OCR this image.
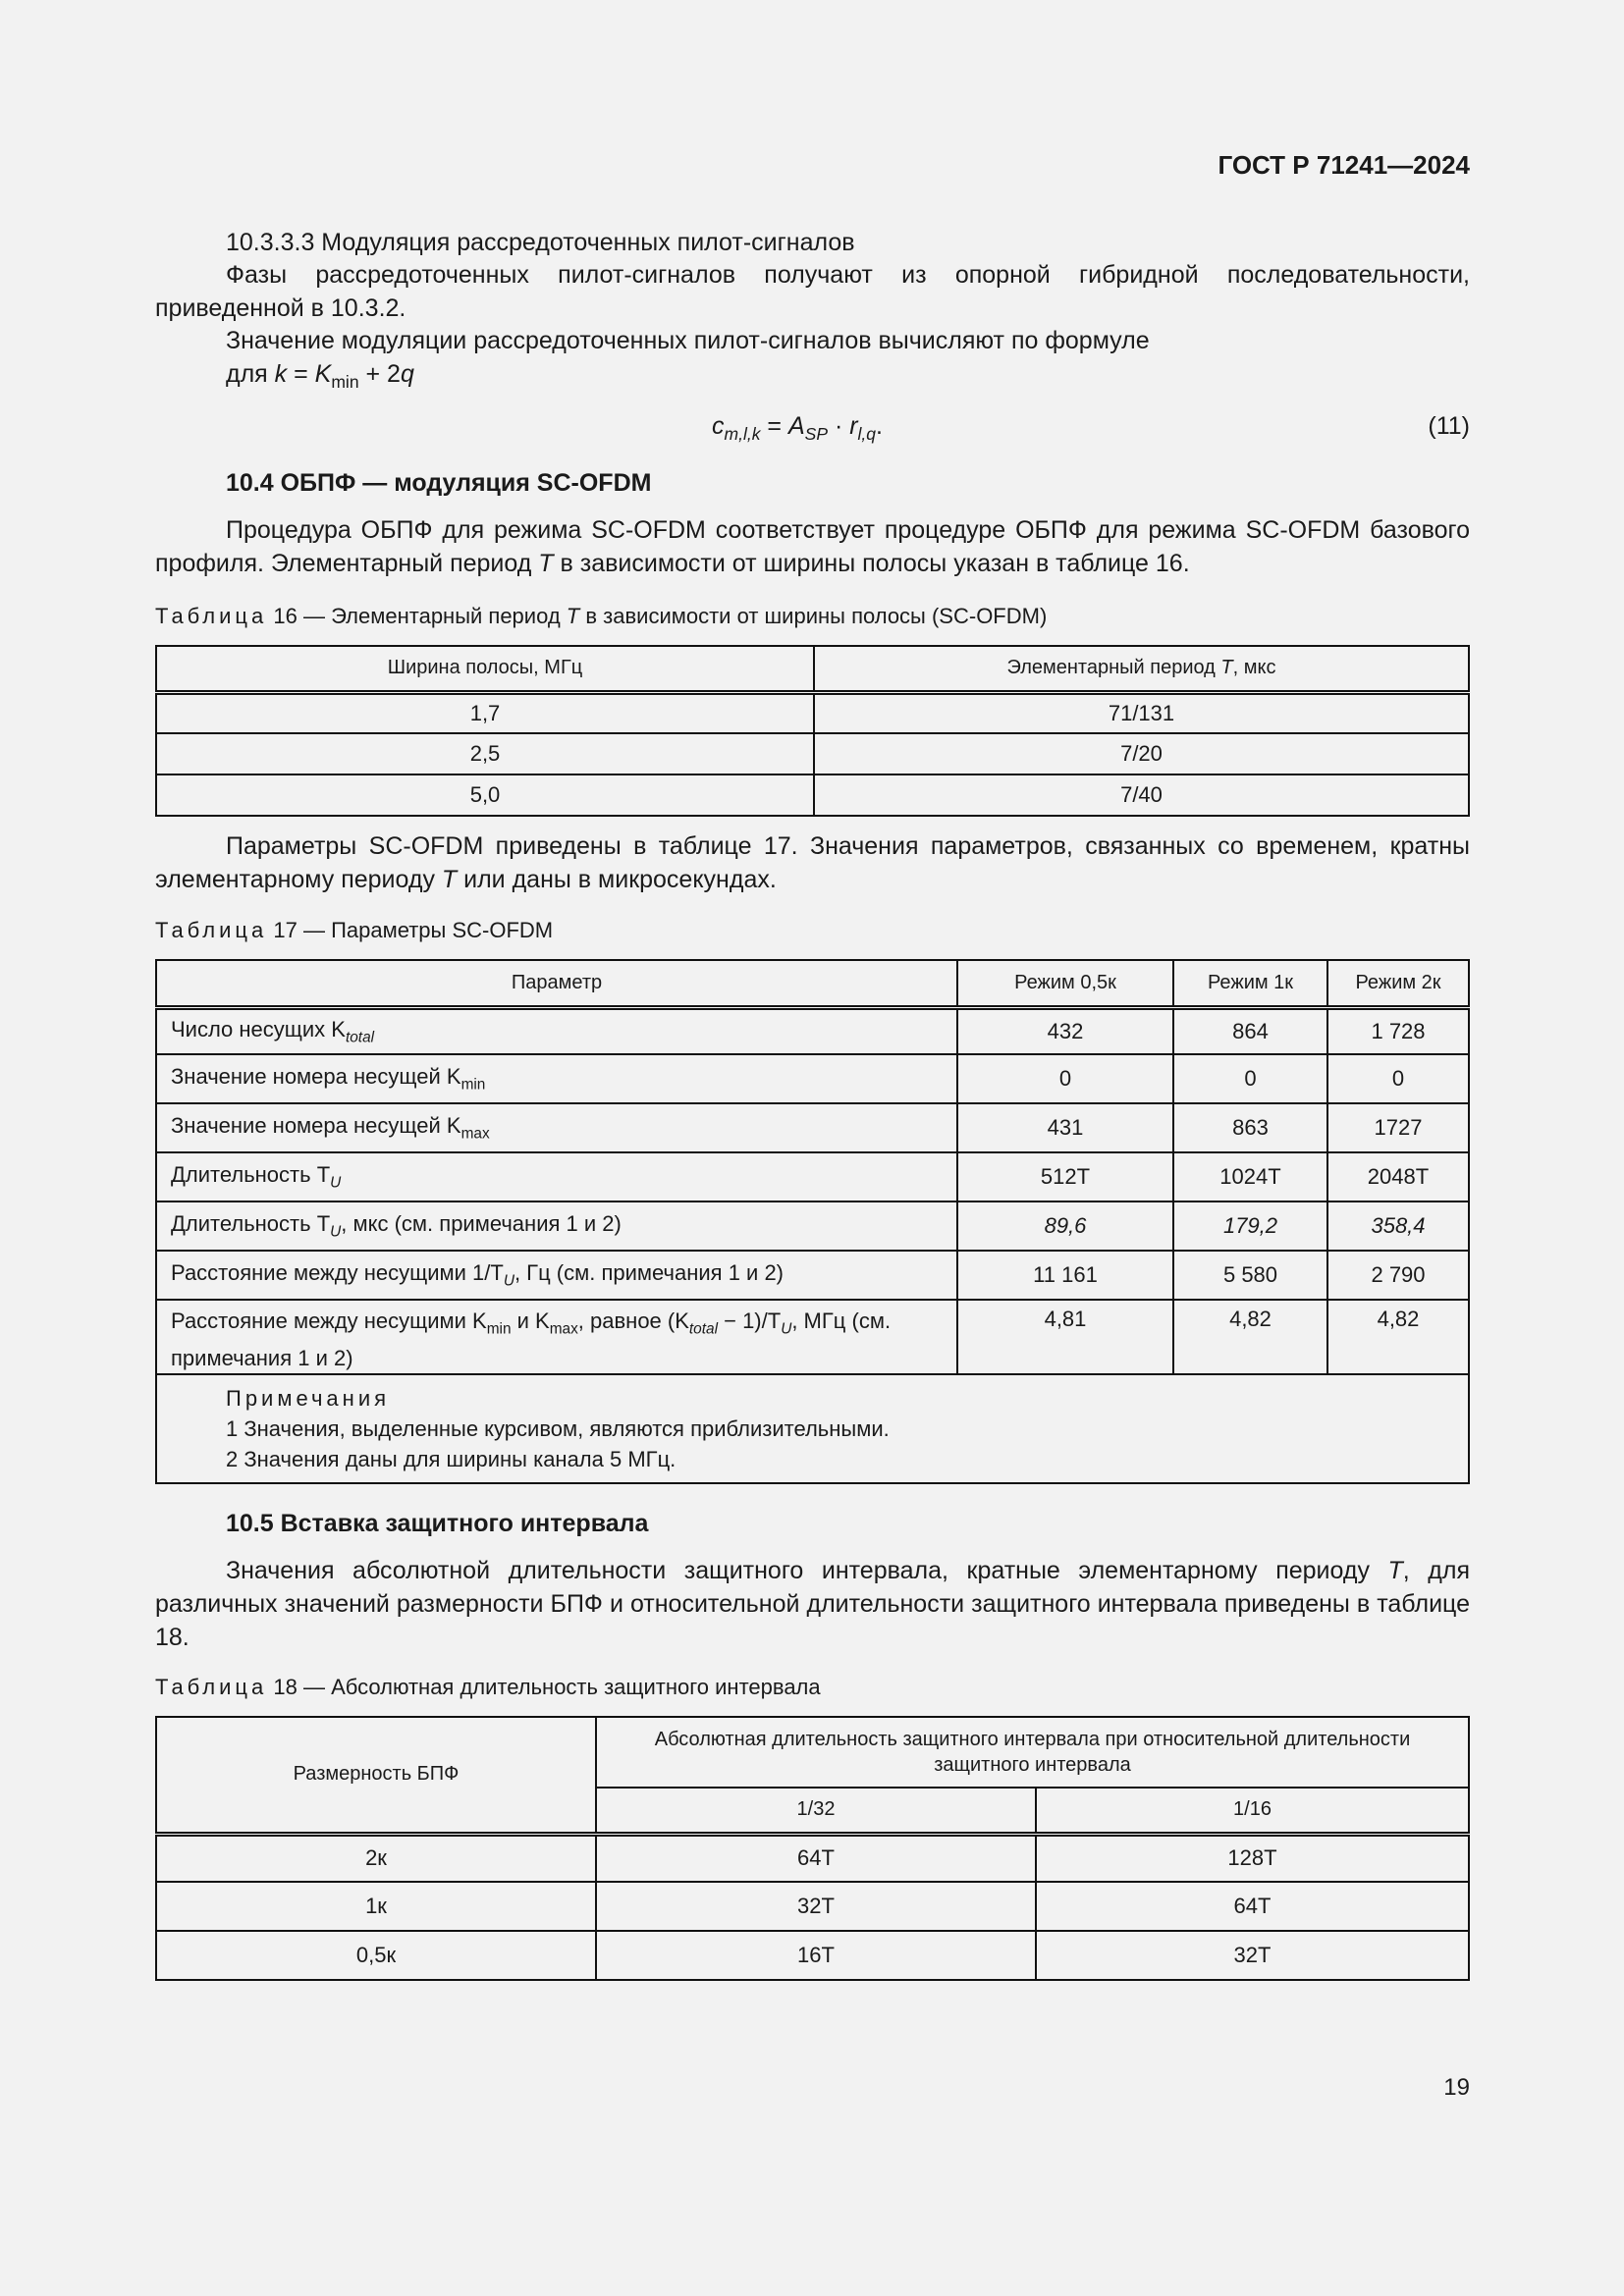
ГОСТ Р 71241—2024
10.3.3.3 Модуляция рассредоточенных пилот-сигналов
Фазы рассредоточенных пилот-сигналов получают из опорной гибридной последовательности, приведенной в 10.3.2.
Значение модуляции рассредоточенных пилот-сигналов вычисляют по формуле
для $k = K_{min} + 2q$
$c_{m,l,k} = A_{SP} \cdot r_{l,q}$.	(11)
10.4 ОБПФ — модуляция SC-OFDM
Процедура ОБПФ для режима SC-OFDM соответствует процедуре ОБПФ для режима SC-OFDM базового профиля. Элементарный период T в зависимости от ширины полосы указан в таблице 16.
Таблица 16 — Элементарный период T в зависимости от ширины полосы (SC-OFDM)
Ширина полосы, МГц	Элементарный период T, мкс
1,7	71/131
2,5	7/20
5,0	7/40
Параметры SC-OFDM приведены в таблице 17. Значения параметров, связанных со временем, кратны элементарному периоду T или даны в микросекундах.
Таблица 17 — Параметры SC-OFDM
Параметр	Режим 0,5к	Режим 1к	Режим 2к
Число несущих $K_{total}$	432	864	1 728
Значение номера несущей $K_{min}$	0	0	0
Значение номера несущей $K_{max}$	431	863	1727
Длительность $T_U$	512T	1024T	2048T
Длительность $T_U$, мкс (см. примечания 1 и 2)	89,6	179,2	358,4
Расстояние между несущими $1/T_U$, Гц (см. примечания 1 и 2)	11 161	5 580	2 790
Расстояние между несущими $K_{min}$ и $K_{max}$, равное $(K_{total} - 1)/T_U$, МГц (см. примечания 1 и 2)	4,81	4,82	4,82

Примечания
1 Значения, выделенные курсивом, являются приблизительными.
2 Значения даны для ширины канала 5 МГц.			
10.5 Вставка защитного интервала
Значения абсолютной длительности защитного интервала, кратные элементарному периоду T, для различных значений размерности БПФ и относительной длительности защитного интервала приведены в таблице 18.
Таблица 18 — Абсолютная длительность защитного интервала
Размерность БПФ	Абсолютная длительность защитного интервала при относительной длительности защитного интервала	
	1/32	1/16
2к	64T	128T
1к	32T	64T
0,5к	16T	32T
19
